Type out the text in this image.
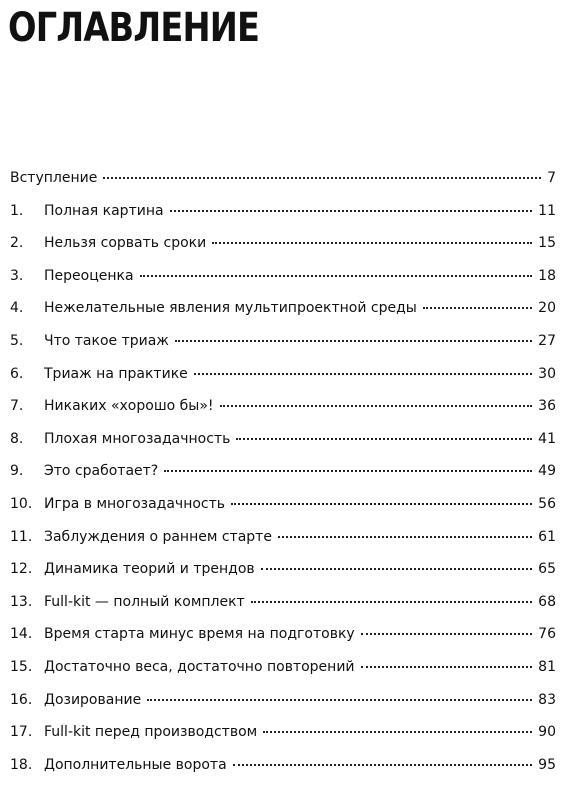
ОГЛАВЛЕНИЕ
Вступление	7
1.	Полная картина	11
2.	Нельзя сорвать сроки	15
3.	Переоценка	18
4.	Нежелательные явления мультипроектной среды	20
5.	Что такое триаж	27
6.	Триаж на практике	30
7.	Никаких «хорошо бы»!	36
8.	Плохая многозадачность	41
9.	Это сработает?	49
10. Игра в многозадачность	56
11. Заблуждения о раннем старте	61
12. Динамика теорий и трендов	65
13. Full-kit — полный комплект	68
14. Время старта минус время на подготовку	76
15. Достаточно веса, достаточно повторений	81
16. Дозирование	83
17. Full-kit перед производством	90
18. Дополнительные ворота	95
